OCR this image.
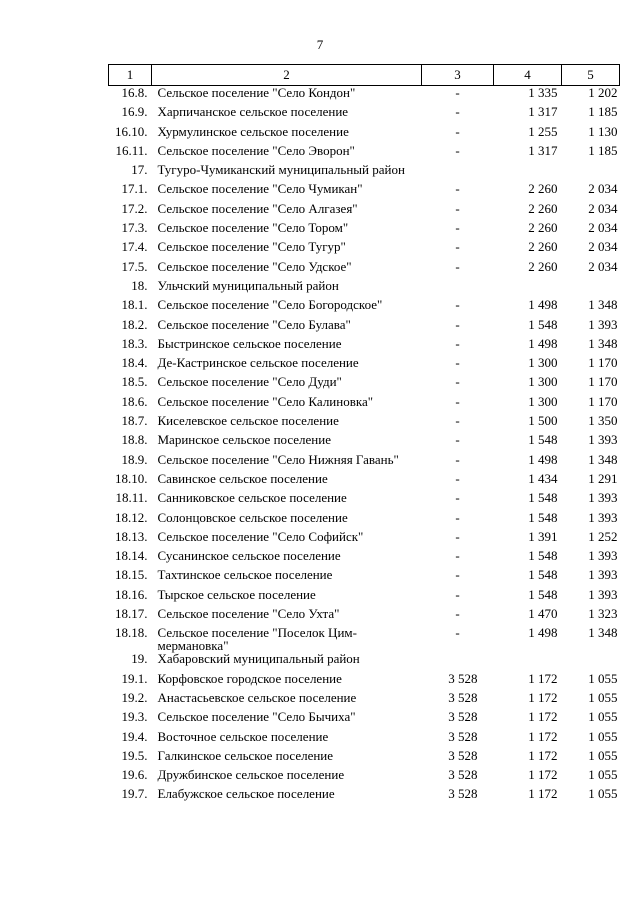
7
1	2	3	4	5
16.8.	Сельское поселение "Село Кондон"	-	1 335	1 202
16.9.	Харпичанское сельское поселение	-	1 317	1 185
16.10.	Хурмулинское сельское поселение	-	1 255	1 130
16.11.	Сельское поселение "Село Эворон"	-	1 317	1 185
17.	Тугуро-Чумиканский муниципальный район			
17.1.	Сельское поселение "Село Чумикан"	-	2 260	2 034
17.2.	Сельское поселение "Село Алгазея"	-	2 260	2 034
17.3.	Сельское поселение "Село Тором"	-	2 260	2 034
17.4.	Сельское поселение "Село Тугур"	-	2 260	2 034
17.5.	Сельское поселение "Село Удское"	-	2 260	2 034
18.	Ульчский муниципальный район			
18.1.	Сельское поселение "Село Богородское"	-	1 498	1 348
18.2.	Сельское поселение "Село Булава"	-	1 548	1 393
18.3.	Быстринское сельское поселение	-	1 498	1 348
18.4.	Де-Кастринское сельское поселение	-	1 300	1 170
18.5.	Сельское поселение "Село Дуди"	-	1 300	1 170
18.6.	Сельское поселение "Село Калиновка"	-	1 300	1 170
18.7.	Киселевское сельское поселение	-	1 500	1 350
18.8.	Маринское сельское поселение	-	1 548	1 393
18.9.	Сельское поселение "Село Нижняя Гавань"	-	1 498	1 348
18.10.	Савинское сельское поселение	-	1 434	1 291
18.11.	Санниковское сельское поселение	-	1 548	1 393
18.12.	Солонцовское сельское поселение	-	1 548	1 393
18.13.	Сельское поселение "Село Софийск"	-	1 391	1 252
18.14.	Сусанинское сельское поселение	-	1 548	1 393
18.15.	Тахтинское сельское поселение	-	1 548	1 393
18.16.	Тырское сельское поселение	-	1 548	1 393
18.17.	Сельское поселение "Село Ухта"	-	1 470	1 323
18.18.	Сельское поселение "Поселок Цим-мермановка"	-	1 498	1 348
19.	Хабаровский муниципальный район			
19.1.	Корфовское городское поселение	3 528	1 172	1 055
19.2.	Анастасьевское сельское поселение	3 528	1 172	1 055
19.3.	Сельское поселение "Село Бычиха"	3 528	1 172	1 055
19.4.	Восточное сельское поселение	3 528	1 172	1 055
19.5.	Галкинское сельское поселение	3 528	1 172	1 055
19.6.	Дружбинское сельское поселение	3 528	1 172	1 055
19.7.	Елабужское сельское поселение	3 528	1 172	1 055
